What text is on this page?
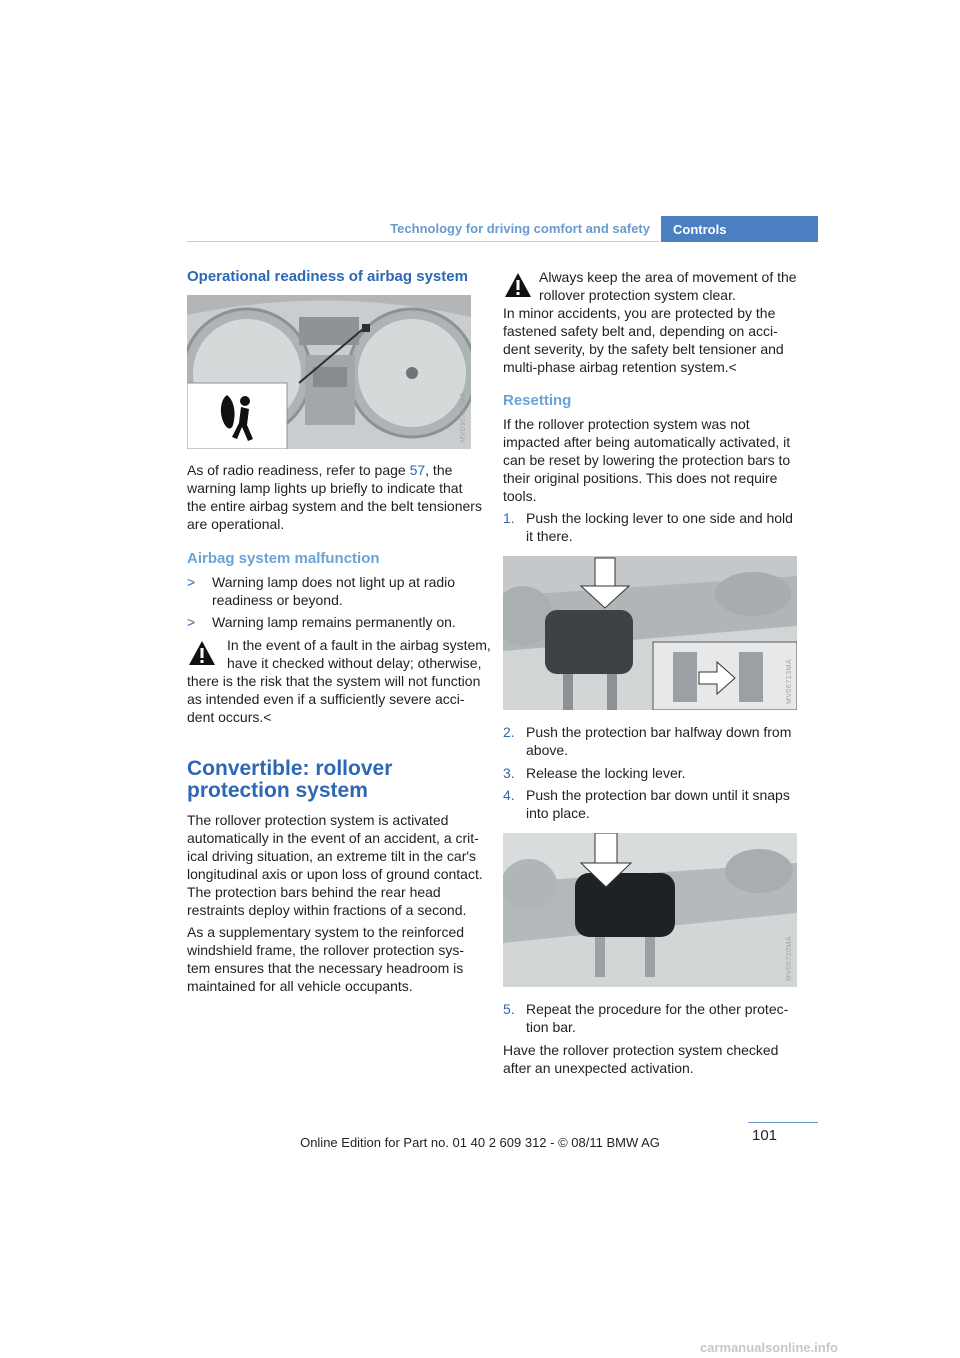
Technology for driving comfort and safety	Controls
Operational readiness of airbag system
MV03072CMA
As of radio readiness, refer to page 57, the
warning lamp lights up briefly to indicate that
the entire airbag system and the belt tensioners
are operational.
Airbag system malfunction
> Warning lamp does not light up at radio
readiness or beyond.
> Warning lamp remains permanently on.
In the event of a fault in the airbag system,
have it checked without delay; otherwise,
there is the risk that the system will not function
as intended even if a sufficiently severe acci-
dent occurs.<
Convertible: rollover
protection system
The rollover protection system is activated
automatically in the event of an accident, a crit-
ical driving situation, an extreme tilt in the car's
longitudinal axis or upon loss of ground contact.
The protection bars behind the rear head
restraints deploy within fractions of a second.
As a supplementary system to the reinforced
windshield frame, the rollover protection sys-
tem ensures that the necessary headroom is
maintained for all vehicle occupants.
Always keep the area of movement of the
rollover protection system clear.
In minor accidents, you are protected by the
fastened safety belt and, depending on acci-
dent severity, by the safety belt tensioner and
multi-phase airbag retention system.<
Resetting
If the rollover protection system was not
impacted after being automatically activated, it
can be reset by lowering the protection bars to
their original positions. This does not require
tools.
1. Push the locking lever to one side and hold
it there.
MV06713MA
2. Push the protection bar halfway down from
above.
3. Release the locking lever.
4. Push the protection bar down until it snaps
into place.
MV06720MA
5. Repeat the procedure for the other protec-
tion bar.
Have the rollover protection system checked
after an unexpected activation.
101
Online Edition for Part no. 01 40 2 609 312 - © 08/11 BMW AG
carmanualsonline.info
